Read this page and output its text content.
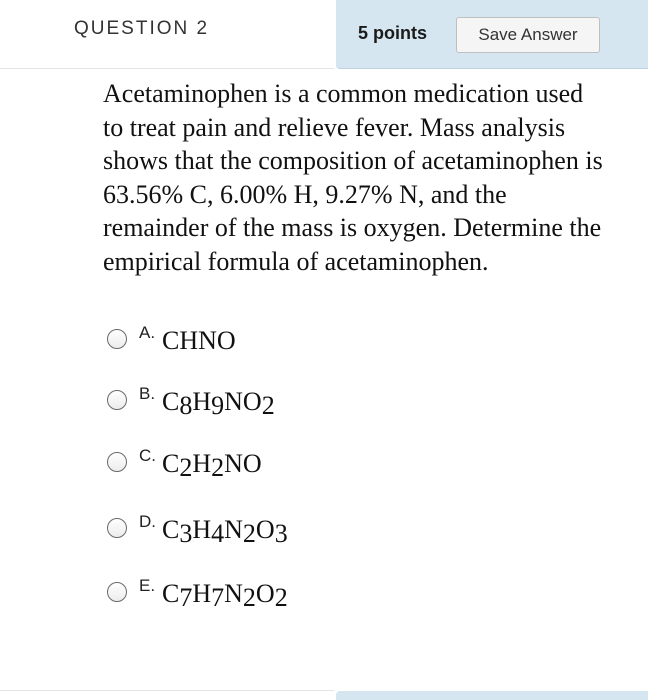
QUESTION 2	5 points	Save Answer

Acetaminophen is a common medication used to treat pain and relieve fever. Mass analysis shows that the composition of acetaminophen is 63.56% C, 6.00% H, 9.27% N, and the remainder of the mass is oxygen. Determine the empirical formula of acetaminophen.

A. CHNO
B. $C_8H_9NO_2$
C. $C_2H_2NO$
D. $C_3H_4N_2O_3$
E. $C_7H_7N_2O_2$
